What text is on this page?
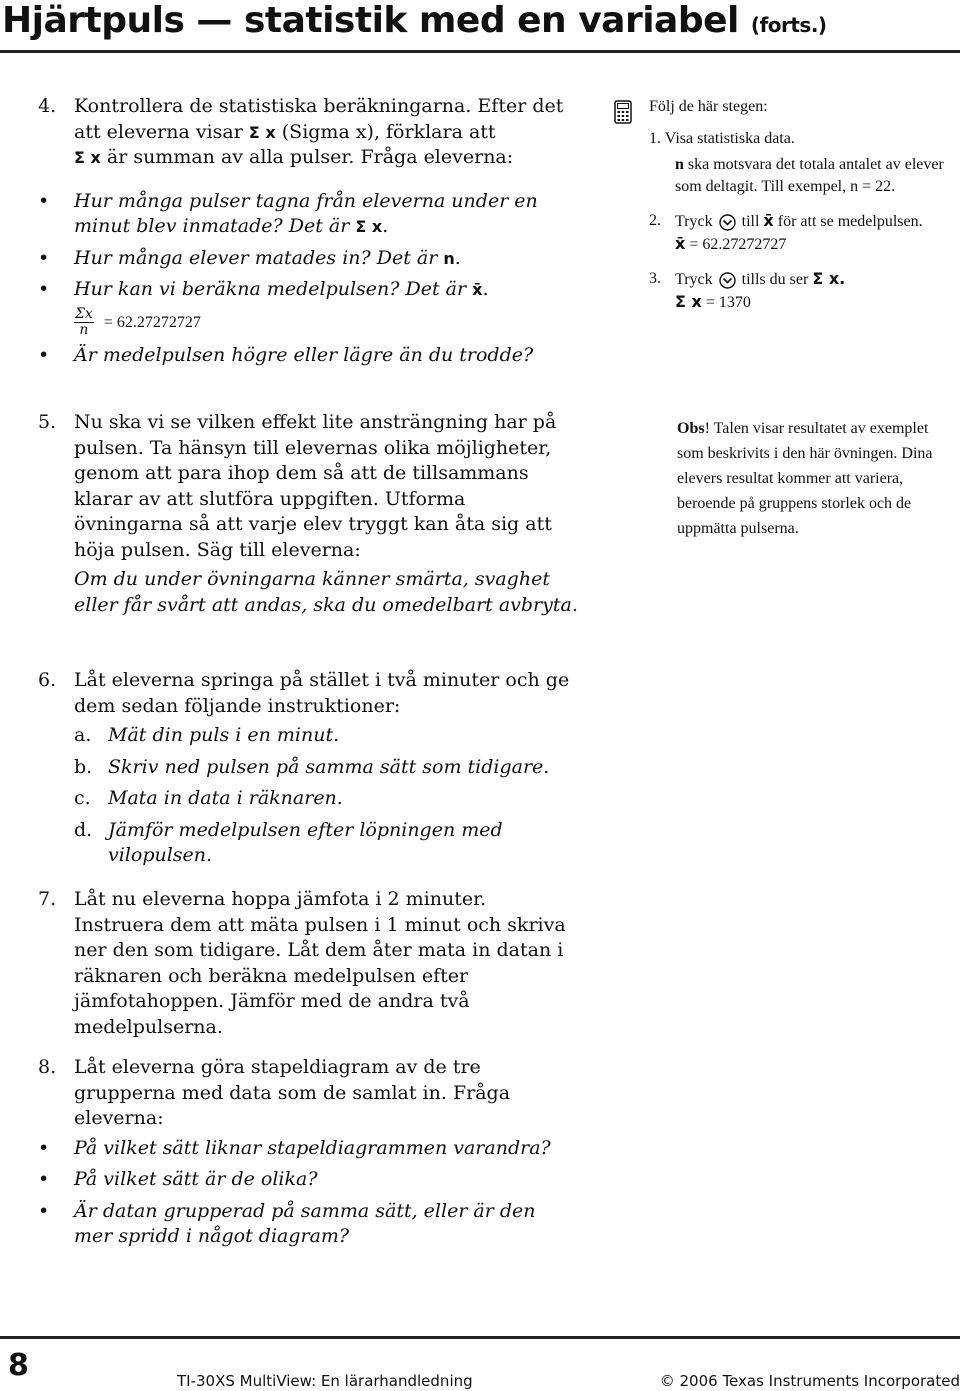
Hjärtpuls — statistik med en variabel (forts.)
4. Kontrollera de statistiska beräkningarna. Efter det att eleverna visar Σ x (Sigma x), förklara att
Σ x är summan av alla pulser. Fråga eleverna:
• Hur många pulser tagna från eleverna under en minut blev inmatade? Det är Σ x.
• Hur många elever matades in? Det är n.
• Hur kan vi beräkna medelpulsen? Det är x̄.
$\frac{\Sigma x}{n} = 62.27272727$
• Är medelpulsen högre eller lägre än du trodde?
5. Nu ska vi se vilken effekt lite ansträngning har på pulsen. Ta hänsyn till elevernas olika möjligheter, genom att para ihop dem så att de tillsammans klarar av att slutföra uppgiften. Utforma övningarna så att varje elev tryggt kan åta sig att höja pulsen. Säg till eleverna:
Om du under övningarna känner smärta, svaghet eller får svårt att andas, ska du omedelbart avbryta.
6. Låt eleverna springa på stället i två minuter och ge dem sedan följande instruktioner:
a. Mät din puls i en minut.
b. Skriv ned pulsen på samma sätt som tidigare.
c. Mata in data i räknaren.
d. Jämför medelpulsen efter löpningen med vilopulsen.
7. Låt nu eleverna hoppa jämfota i 2 minuter. Instruera dem att mäta pulsen i 1 minut och skriva ner den som tidigare. Låt dem åter mata in datan i räknaren och beräkna medelpulsen efter jämfotahoppen. Jämför med de andra två medelpulserna.
8. Låt eleverna göra stapeldiagram av de tre grupperna med data som de samlat in. Fråga eleverna:
• På vilket sätt liknar stapeldiagrammen varandra?
• På vilket sätt är de olika?
• Är datan grupperad på samma sätt, eller är den mer spridd i något diagram?
Följ de här stegen:
1. Visa statistiska data.
n ska motsvara det totala antalet av elever som deltagit. Till exempel, n = 22.
2. Tryck till x̄ för att se medelpulsen.
x̄ = 62.27272727
3. Tryck tills du ser Σ x.
Σ x = 1370
Obs! Talen visar resultatet av exemplet som beskrivits i den här övningen. Dina elevers resultat kommer att variera, beroende på gruppens storlek och de uppmätta pulserna.
8	TI-30XS MultiView: En lärarhandledning	© 2006 Texas Instruments Incorporated
